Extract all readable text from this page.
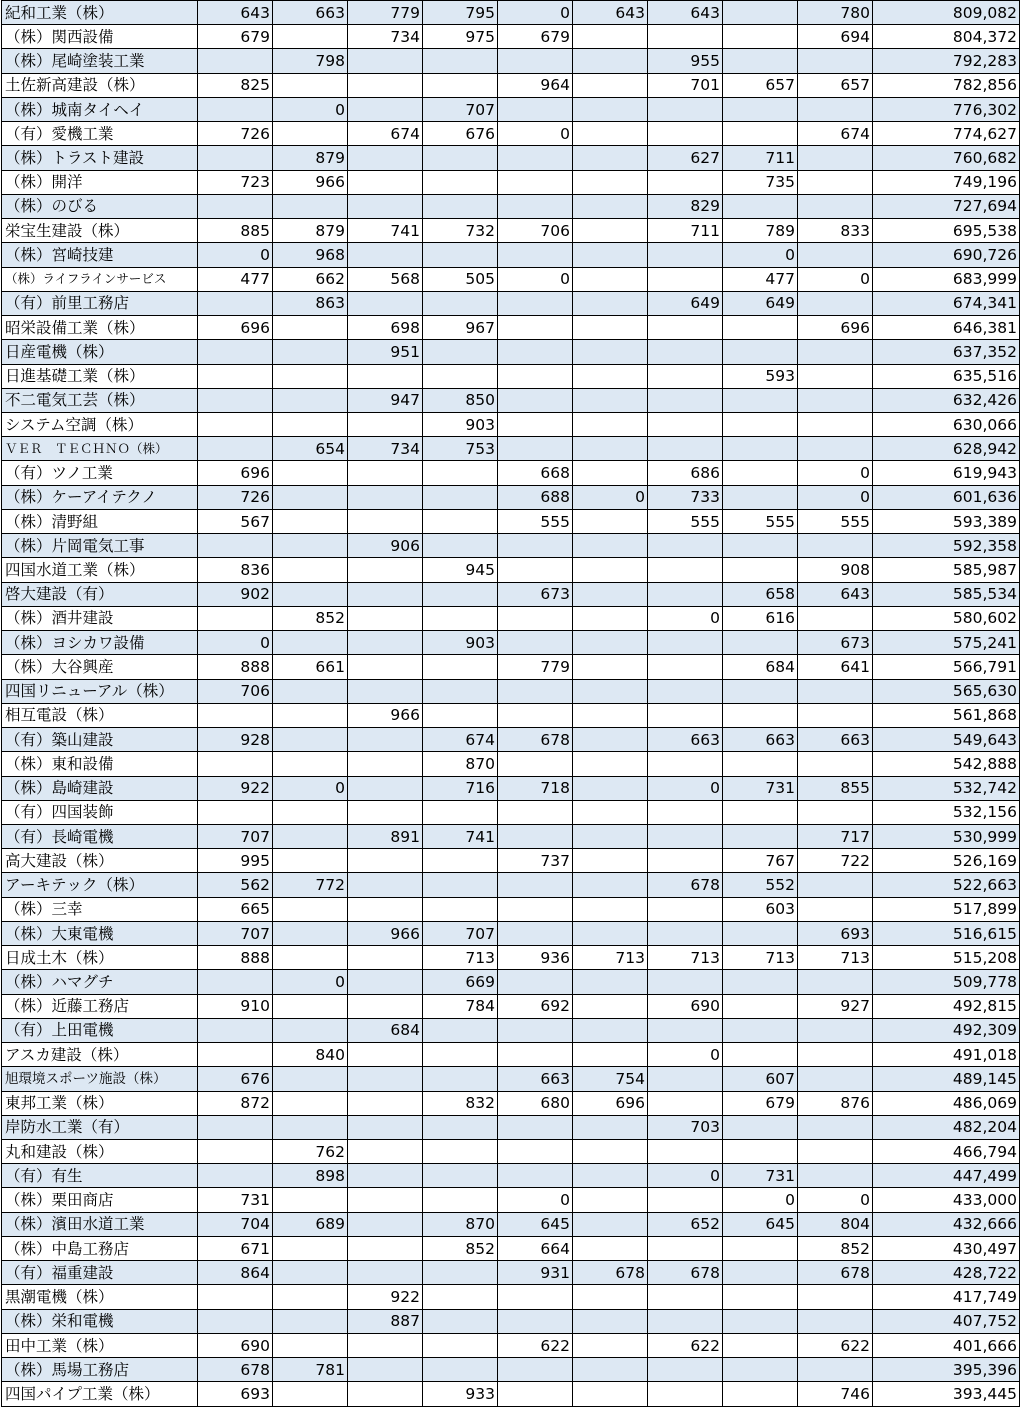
紀和工業（株）	643	663	779	795	0	643	643		780	809,082
（株）関西設備	679		734	975	679				694	804,372
（株）尾崎塗装工業		798					955			792,283
土佐新高建設（株）	825				964		701	657	657	782,856
（株）城南タイヘイ		0		707						776,302
（有）愛機工業	726		674	676	0				674	774,627
（株）トラスト建設		879					627	711		760,682
（株）開洋	723	966						735		749,196
（株）のびる							829			727,694
栄宝生建設（株）	885	879	741	732	706		711	789	833	695,538
（株）宮崎技建	0	968						0		690,726
（株）ライフラインサービス	477	662	568	505	0			477	0	683,999
（有）前里工務店		863					649	649		674,341
昭栄設備工業（株）	696		698	967					696	646,381
日産電機（株）			951							637,352
日進基礎工業（株）								593		635,516
不二電気工芸（株）			947	850						632,426
システム空調（株）				903						630,066
ＶＥＲ　ＴＥＣＨＮＯ（株）		654	734	753						628,942
（有）ツノ工業	696				668		686		0	619,943
（株）ケーアイテクノ	726				688	0	733		0	601,636
（株）清野組	567				555		555	555	555	593,389
（株）片岡電気工事			906							592,358
四国水道工業（株）	836			945					908	585,987
啓大建設（有）	902				673			658	643	585,534
（株）酒井建設		852					0	616		580,602
（株）ヨシカワ設備	0			903					673	575,241
（株）大谷興産	888	661			779			684	641	566,791
四国リニューアル（株）	706									565,630
相互電設（株）			966							561,868
（有）築山建設	928			674	678		663	663	663	549,643
（株）東和設備				870						542,888
（株）島崎建設	922	0		716	718		0	731	855	532,742
（有）四国装飾										532,156
（有）長崎電機	707		891	741					717	530,999
高大建設（株）	995				737			767	722	526,169
アーキテック（株）	562	772					678	552		522,663
（株）三幸	665							603		517,899
（株）大東電機	707		966	707					693	516,615
日成土木（株）	888			713	936	713	713	713	713	515,208
（株）ハマグチ		0		669						509,778
（株）近藤工務店	910			784	692		690		927	492,815
（有）上田電機			684							492,309
アスカ建設（株）		840					0			491,018
旭環境スポーツ施設（株）	676				663	754		607		489,145
東邦工業（株）	872			832	680	696		679	876	486,069
岸防水工業（有）							703			482,204
丸和建設（株）		762								466,794
（有）有生		898					0	731		447,499
（株）栗田商店	731				0			0	0	433,000
（株）濱田水道工業	704	689		870	645		652	645	804	432,666
（株）中島工務店	671			852	664				852	430,497
（有）福重建設	864				931	678	678		678	428,722
黒潮電機（株）			922							417,749
（株）栄和電機			887							407,752
田中工業（株）	690				622		622		622	401,666
（株）馬場工務店	678	781								395,396
四国パイプ工業（株）	693			933					746	393,445
